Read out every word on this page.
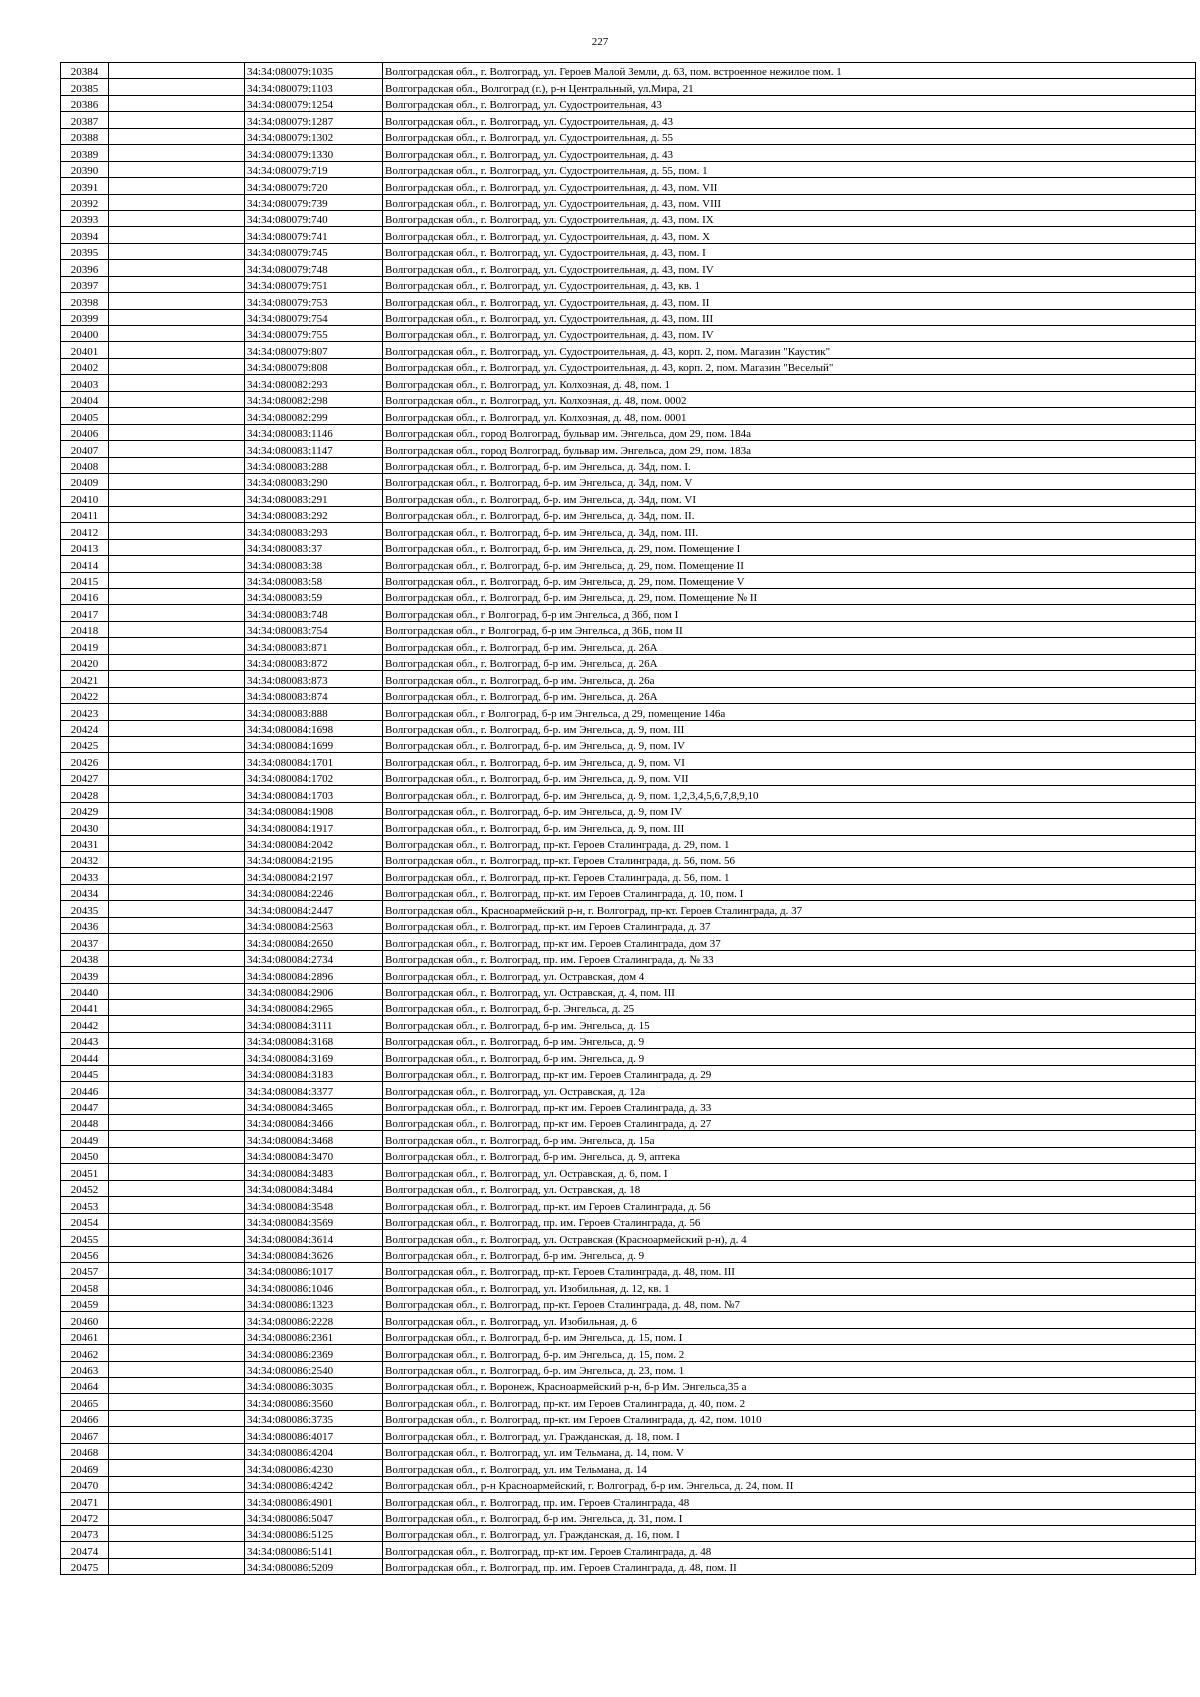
227
20384		34:34:080079:1035	Волгоградская обл., г. Волгоград, ул. Героев Малой Земли, д. 63, пом. встроенное нежилое пом. 1
20385		34:34:080079:1103	Волгоградская обл., Волгоград (г.), р-н Центральный, ул.Мира, 21
20386		34:34:080079:1254	Волгоградская обл., г. Волгоград, ул. Судостроительная, 43
20387		34:34:080079:1287	Волгоградская обл., г. Волгоград, ул. Судостроительная, д. 43
20388		34:34:080079:1302	Волгоградская обл., г. Волгоград, ул. Судостроительная, д. 55
20389		34:34:080079:1330	Волгоградская обл., г. Волгоград, ул. Судостроительная, д. 43
20390		34:34:080079:719	Волгоградская обл., г. Волгоград, ул. Судостроительная, д. 55, пом. 1
20391		34:34:080079:720	Волгоградская обл., г. Волгоград, ул. Судостроительная, д. 43, пом. VII
20392		34:34:080079:739	Волгоградская обл., г. Волгоград, ул. Судостроительная, д. 43, пом. VIII
20393		34:34:080079:740	Волгоградская обл., г. Волгоград, ул. Судостроительная, д. 43, пом. IX
20394		34:34:080079:741	Волгоградская обл., г. Волгоград, ул. Судостроительная, д. 43, пом. X
20395		34:34:080079:745	Волгоградская обл., г. Волгоград, ул. Судостроительная, д. 43, пом. I
20396		34:34:080079:748	Волгоградская обл., г. Волгоград, ул. Судостроительная, д. 43, пом. IV
20397		34:34:080079:751	Волгоградская обл., г. Волгоград, ул. Судостроительная, д. 43, кв. 1
20398		34:34:080079:753	Волгоградская обл., г. Волгоград, ул. Судостроительная, д. 43, пом. II
20399		34:34:080079:754	Волгоградская обл., г. Волгоград, ул. Судостроительная, д. 43, пом. III
20400		34:34:080079:755	Волгоградская обл., г. Волгоград, ул. Судостроительная, д. 43, пом. IV
20401		34:34:080079:807	Волгоградская обл., г. Волгоград, ул. Судостроительная, д. 43, корп. 2, пом. Магазин "Каустик"
20402		34:34:080079:808	Волгоградская обл., г. Волгоград, ул. Судостроительная, д. 43, корп. 2, пом. Магазин "Веселый"
20403		34:34:080082:293	Волгоградская обл., г. Волгоград, ул. Колхозная, д. 48, пом. 1
20404		34:34:080082:298	Волгоградская обл., г. Волгоград, ул. Колхозная, д. 48, пом. 0002
20405		34:34:080082:299	Волгоградская обл., г. Волгоград, ул. Колхозная, д. 48, пом. 0001
20406		34:34:080083:1146	Волгоградская обл., город Волгоград, бульвар им. Энгельса, дом 29, пом. 184а
20407		34:34:080083:1147	Волгоградская обл., город Волгоград, бульвар им. Энгельса, дом 29, пом. 183а
20408		34:34:080083:288	Волгоградская обл., г. Волгоград, б-р. им Энгельса, д. 34д, пом. I.
20409		34:34:080083:290	Волгоградская обл., г. Волгоград, б-р. им Энгельса, д. 34д, пом. V
20410		34:34:080083:291	Волгоградская обл., г. Волгоград, б-р. им Энгельса, д. 34д, пом. VI
20411		34:34:080083:292	Волгоградская обл., г. Волгоград, б-р. им Энгельса, д. 34д, пом. II.
20412		34:34:080083:293	Волгоградская обл., г. Волгоград, б-р. им Энгельса, д. 34д, пом. III.
20413		34:34:080083:37	Волгоградская обл., г. Волгоград, б-р. им Энгельса, д. 29, пом. Помещение I
20414		34:34:080083:38	Волгоградская обл., г. Волгоград, б-р. им Энгельса, д. 29, пом. Помещение II
20415		34:34:080083:58	Волгоградская обл., г. Волгоград, б-р. им Энгельса, д. 29, пом. Помещение V
20416		34:34:080083:59	Волгоградская обл., г. Волгоград, б-р. им Энгельса, д. 29, пом. Помещение № II
20417		34:34:080083:748	Волгоградская обл., г Волгоград, б-р им Энгельса, д 36б, пом I
20418		34:34:080083:754	Волгоградская обл., г Волгоград, б-р им Энгельса, д 36Б, пом II
20419		34:34:080083:871	Волгоградская обл., г. Волгоград, б-р им. Энгельса, д. 26А
20420		34:34:080083:872	Волгоградская обл., г. Волгоград, б-р им. Энгельса, д. 26А
20421		34:34:080083:873	Волгоградская обл., г. Волгоград, б-р им. Энгельса, д. 26а
20422		34:34:080083:874	Волгоградская обл., г. Волгоград, б-р им. Энгельса, д. 26А
20423		34:34:080083:888	Волгоградская обл., г Волгоград, б-р им Энгельса, д 29, помещение 146а
20424		34:34:080084:1698	Волгоградская обл., г. Волгоград, б-р. им Энгельса, д. 9, пом. III
20425		34:34:080084:1699	Волгоградская обл., г. Волгоград, б-р. им Энгельса, д. 9, пом. IV
20426		34:34:080084:1701	Волгоградская обл., г. Волгоград, б-р. им Энгельса, д. 9, пом. VI
20427		34:34:080084:1702	Волгоградская обл., г. Волгоград, б-р. им Энгельса, д. 9, пом. VII
20428		34:34:080084:1703	Волгоградская обл., г. Волгоград, б-р. им Энгельса, д. 9, пом. 1,2,3,4,5,6,7,8,9,10
20429		34:34:080084:1908	Волгоградская обл., г. Волгоград, б-р. им Энгельса, д. 9, пом IV
20430		34:34:080084:1917	Волгоградская обл., г. Волгоград, б-р. им Энгельса, д. 9, пом. III
20431		34:34:080084:2042	Волгоградская обл., г. Волгоград, пр-кт. Героев Сталинграда, д. 29, пом. 1
20432		34:34:080084:2195	Волгоградская обл., г. Волгоград, пр-кт. Героев Сталинграда, д. 56, пом. 56
20433		34:34:080084:2197	Волгоградская обл., г. Волгоград, пр-кт. Героев Сталинграда, д. 56, пом. 1
20434		34:34:080084:2246	Волгоградская обл., г. Волгоград, пр-кт. им Героев Сталинграда, д. 10, пом. I
20435		34:34:080084:2447	Волгоградская обл., Красноармейский р-н, г. Волгоград, пр-кт. Героев Сталинграда, д. 37
20436		34:34:080084:2563	Волгоградская обл., г. Волгоград, пр-кт. им Героев Сталинграда, д. 37
20437		34:34:080084:2650	Волгоградская обл., г. Волгоград, пр-кт им. Героев Сталинграда, дом 37
20438		34:34:080084:2734	Волгоградская обл., г. Волгоград, пр. им. Героев Сталинграда, д. № 33
20439		34:34:080084:2896	Волгоградская обл., г. Волгоград, ул. Остравская, дом 4
20440		34:34:080084:2906	Волгоградская обл., г. Волгоград, ул. Остравская, д. 4, пом. III
20441		34:34:080084:2965	Волгоградская обл., г. Волгоград, б-р. Энгельса, д. 25
20442		34:34:080084:3111	Волгоградская обл., г. Волгоград, б-р им. Энгельса, д. 15
20443		34:34:080084:3168	Волгоградская обл., г. Волгоград, б-р им. Энгельса, д. 9
20444		34:34:080084:3169	Волгоградская обл., г. Волгоград, б-р им. Энгельса, д. 9
20445		34:34:080084:3183	Волгоградская обл., г. Волгоград, пр-кт им. Героев Сталинграда, д. 29
20446		34:34:080084:3377	Волгоградская обл., г. Волгоград, ул. Остравская, д. 12а
20447		34:34:080084:3465	Волгоградская обл., г. Волгоград, пр-кт им. Героев Сталинграда, д. 33
20448		34:34:080084:3466	Волгоградская обл., г. Волгоград, пр-кт им. Героев Сталинграда, д. 27
20449		34:34:080084:3468	Волгоградская обл., г. Волгоград, б-р им. Энгельса, д. 15а
20450		34:34:080084:3470	Волгоградская обл., г. Волгоград, б-р им. Энгельса, д. 9, аптека
20451		34:34:080084:3483	Волгоградская обл., г. Волгоград, ул. Остравская, д. 6, пом. I
20452		34:34:080084:3484	Волгоградская обл., г. Волгоград, ул. Остравская, д. 18
20453		34:34:080084:3548	Волгоградская обл., г. Волгоград, пр-кт. им Героев Сталинграда, д. 56
20454		34:34:080084:3569	Волгоградская обл., г. Волгоград, пр. им. Героев Сталинграда, д. 56
20455		34:34:080084:3614	Волгоградская обл., г. Волгоград, ул. Остравская (Красноармейский р-н), д. 4
20456		34:34:080084:3626	Волгоградская обл., г. Волгоград, б-р им. Энгельса, д. 9
20457		34:34:080086:1017	Волгоградская обл., г. Волгоград, пр-кт. Героев Сталинграда, д. 48, пом. III
20458		34:34:080086:1046	Волгоградская обл., г. Волгоград, ул. Изобильная, д. 12, кв. 1
20459		34:34:080086:1323	Волгоградская обл., г. Волгоград, пр-кт. Героев Сталинграда, д. 48, пом. №7
20460		34:34:080086:2228	Волгоградская обл., г. Волгоград, ул. Изобильная, д. 6
20461		34:34:080086:2361	Волгоградская обл., г. Волгоград, б-р. им Энгельса, д. 15, пом. I
20462		34:34:080086:2369	Волгоградская обл., г. Волгоград, б-р. им Энгельса, д. 15, пом. 2
20463		34:34:080086:2540	Волгоградская обл., г. Волгоград, б-р. им Энгельса, д. 23, пом. 1
20464		34:34:080086:3035	Волгоградская обл., г. Воронеж, Красноармейский р-н, б-р Им. Энгельса,35 а
20465		34:34:080086:3560	Волгоградская обл., г. Волгоград, пр-кт. им Героев Сталинграда, д. 40, пом. 2
20466		34:34:080086:3735	Волгоградская обл., г. Волгоград, пр-кт. им Героев Сталинграда, д. 42, пом. 1010
20467		34:34:080086:4017	Волгоградская обл., г. Волгоград, ул. Гражданская, д. 18, пом. I
20468		34:34:080086:4204	Волгоградская обл., г. Волгоград, ул. им Тельмана, д. 14, пом. V
20469		34:34:080086:4230	Волгоградская обл., г. Волгоград, ул. им Тельмана, д. 14
20470		34:34:080086:4242	Волгоградская обл., р-н Красноармейский, г. Волгоград, б-р им. Энгельса, д. 24, пом. II
20471		34:34:080086:4901	Волгоградская обл., г. Волгоград, пр. им. Героев Сталинграда, 48
20472		34:34:080086:5047	Волгоградская обл., г. Волгоград, б-р им. Энгельса, д. 31, пом. I
20473		34:34:080086:5125	Волгоградская обл., г. Волгоград, ул. Гражданская, д. 16, пом. I
20474		34:34:080086:5141	Волгоградская обл., г. Волгоград, пр-кт им. Героев Сталинграда, д. 48
20475		34:34:080086:5209	Волгоградская обл., г. Волгоград, пр. им. Героев Сталинграда, д. 48, пом. II
